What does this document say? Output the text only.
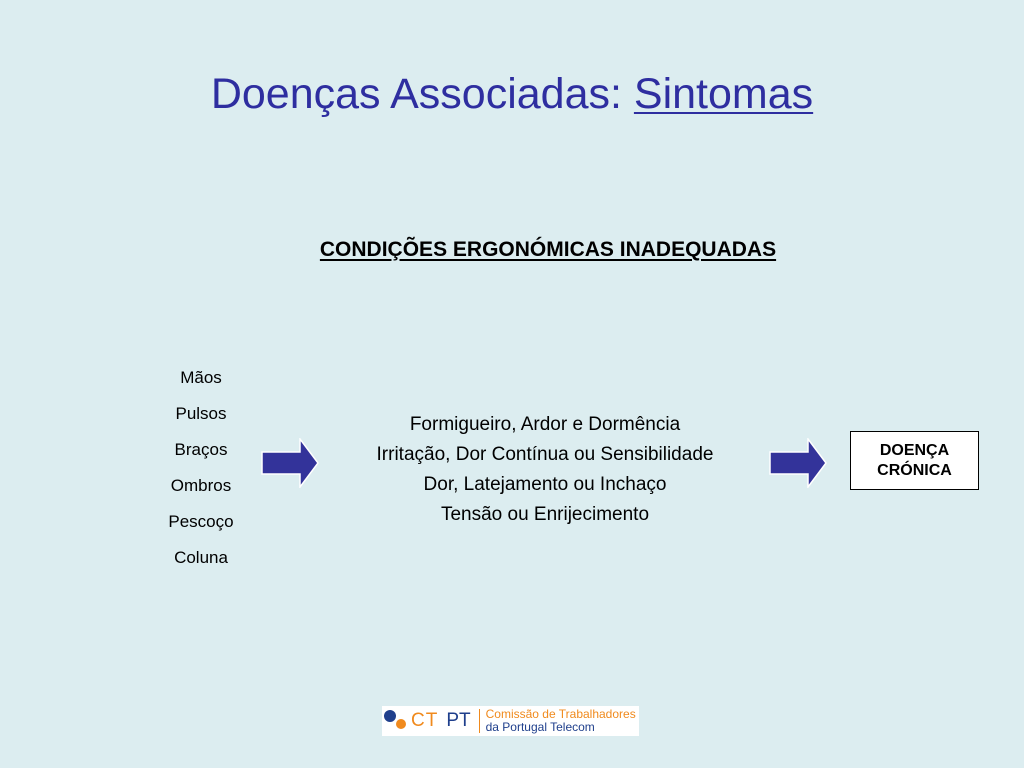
Doenças Associadas: Sintomas
CONDIÇÕES ERGONÓMICAS INADEQUADAS
Mãos
Pulsos
Braços
Ombros
Pescoço
Coluna
Formigueiro, Ardor e Dormência
Irritação, Dor Contínua ou Sensibilidade
Dor, Latejamento ou Inchaço
Tensão ou Enrijecimento
DOENÇA
CRÓNICA
CT PT Comissão de Trabalhadores
da Portugal Telecom
